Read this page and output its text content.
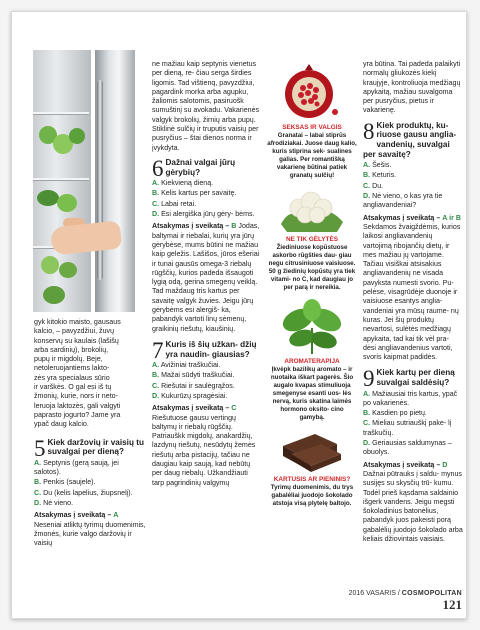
gyk kitokio maisto, gausaus
kalcio, – pavyzdžiui, žuvų
konservų su kaulais (lašišų
arba sardinių), brokolių,
pupų ir migdolų. Beje,
netoleruojantiems lakto-
zės yra specialaus sūrio
ir varškės. O gal esi iš tų
žmonių, kurie, nors ir neto-
leruoja laktozės, gali valgyti
paprasto jogurto? Jame yra
ypač daug kalcio.
5 Kiek daržovių ir vaisių tu suvalgai per dieną?

A. Septynis (gerą saują, jei salotos).

B. Penkis (saujele).

C. Du (kelis lapelius, žiupsnelį).

D. Nė vieno.

Atsakymas į sveikatą – A Neseniai atliktų tyrimų duomenimis, žmonės, kurie valgo daržovių ir vaisių

ne mažiau kaip septynis vienetus per dieną, re- čiau serga širdies ligomis. Tad vištienq, pavyzdžiui, pagardink morka arba aguрku, žaliomis salotomis, pasiruošk sumuštinį su avokadu. Vakarienės valgyk brokolių, žirnių arba pupų. Stiklinė sulčių ir truputis vaisių per pusryčius – štai dienos norma ir įvykdyta.

6 Dažnai valgai jūrų gėrybių?

A. Kiekvieną dieną.

B. Kelis kartus per savaitę.

C. Labai retai.

D. Esi alergiška jūrų gėry- bėms.

Atsakymas į sveikatą – B Jodas, baltymai ir riebalai, kurių yra jūrų gėrybėse, mums būtini ne mažiau kaip geležis. Lašišos, jūros ešeriai ir tunai gausūs omega-3 riebalų rūgščių, kurios padeda išsaugoti lygią odą, gerina smegenų veiklą. Tad maždaug tris kartus per savaitę valgyk žuvies. Jeigu jūrų gėrybėms esi alergiš- ka, pabandyk vartoti linų sėmenų, graikinių riešutų, kiaušinių.

7 Kuris iš šių užkan- džių yra naudin- giausias?

A. Avižiniai traškučiai.

B. Mažai sūdyti traškučiai.

C. Riešutai ir saulėgrąžos.

D. Kukurūzų spragėsiai.

Atsakymas į sveikatą – C Riešutuose gausu vertingų baltymų ir riebalų rūgščių. Patriauškk migdolų, anakardžių, lazdynų riešutų, nesūdytų žemės riešutų arba pistacijų, tačiau ne daugiau kaip saują, kad nebūtų per daug riebalų. Užkandžiauti tarp pagrindinių valgymų

SEKSAS IR VALGIS
Granatai – labai stiprūs afrodiziakai. Juose daug kalio, kuris stiprina sek- sualines galias. Per romantišką vakarienę būtinai patiek granatų sulčių!
NE TIK GĖLYTĖS
Žiediniuose kopūstuose askorbo rūgšties dau- giau negu citrusiniuose vaisiuose. 50 g žiedinių kopūstų yra tiek vitami- no C, kad daugiau jo per parą ir nereikia.
AROMATERAPIJA
Įkvėpk bazilikų aromato – ir nuotaika iškart pagerės. Šio augalo kvapas stimuliuoja smegenyse esanti uos- lės nervą, kuris skatina laimės hormono oksito- cino gamybą.
KARTUSIS AR PIENINIS?
Tyrimų duomenimis, du trys gabalėliai juodojo šokolado atstoja visą plytelę baltojo.

yra būtina. Tai padeda palaikyti normalų gliukozės kiekį kraujyje, kontroliuoja medžiagų apykaitą, mažiau suvalgoma per pusryčius, pietus ir vakarienę.

8 Kiek produktų, ku- riuose gausu anglia- vandenių, suvalgai per savaitę?

A. Šešis.

B. Keturis.

C. Du.

D. Nė vieno, o kas yra tie angliavandeniai?

Atsakymas į sveikatą – A ir B Sekdamos žvaigždėmis, kurios laikosi angliavandenių vartojimą ribojančių dietų, ir mes mažiau jų vartojame. Tačiau visiškai atsisakius angliavandenių ne visada pavyksta numesti svorio. Pu- pelėse, visagrūdėje duonoje ir vaisiuose esantys anglia- vandeniai yra mūsų raume- nų kuras. Jei šių produktų nevartosi, sulėtės medžiagų apykaita, tad kai tik vėl pra- dėsi angliavandenius vartoti, svoris kaipmat padidės.

9 Kiek kartų per dieną suvalgai saldėsių?

A. Mažiausiai tris kartus, ypač po vakarienės.

B. Kasdien po pietų.

C. Mieliau sutriauškį pake- lį traškučių.

D. Geriausias saldumynas – obuolys.

Atsakymas į sveikatą – D Dažnai pūtrauks į saldu- mynus susijęs su skysčių trū- kumu. Todėl prieš kąsdama saldainio išgerk vandens. Jeigu megsti šokoladinius batonėlius, pabandyk juos pakeisti porą gabalėlių juodojo šokolado arba keliais džiovintais vaisiais.

2016 VASARIS / COSMOPOLITAN 121
